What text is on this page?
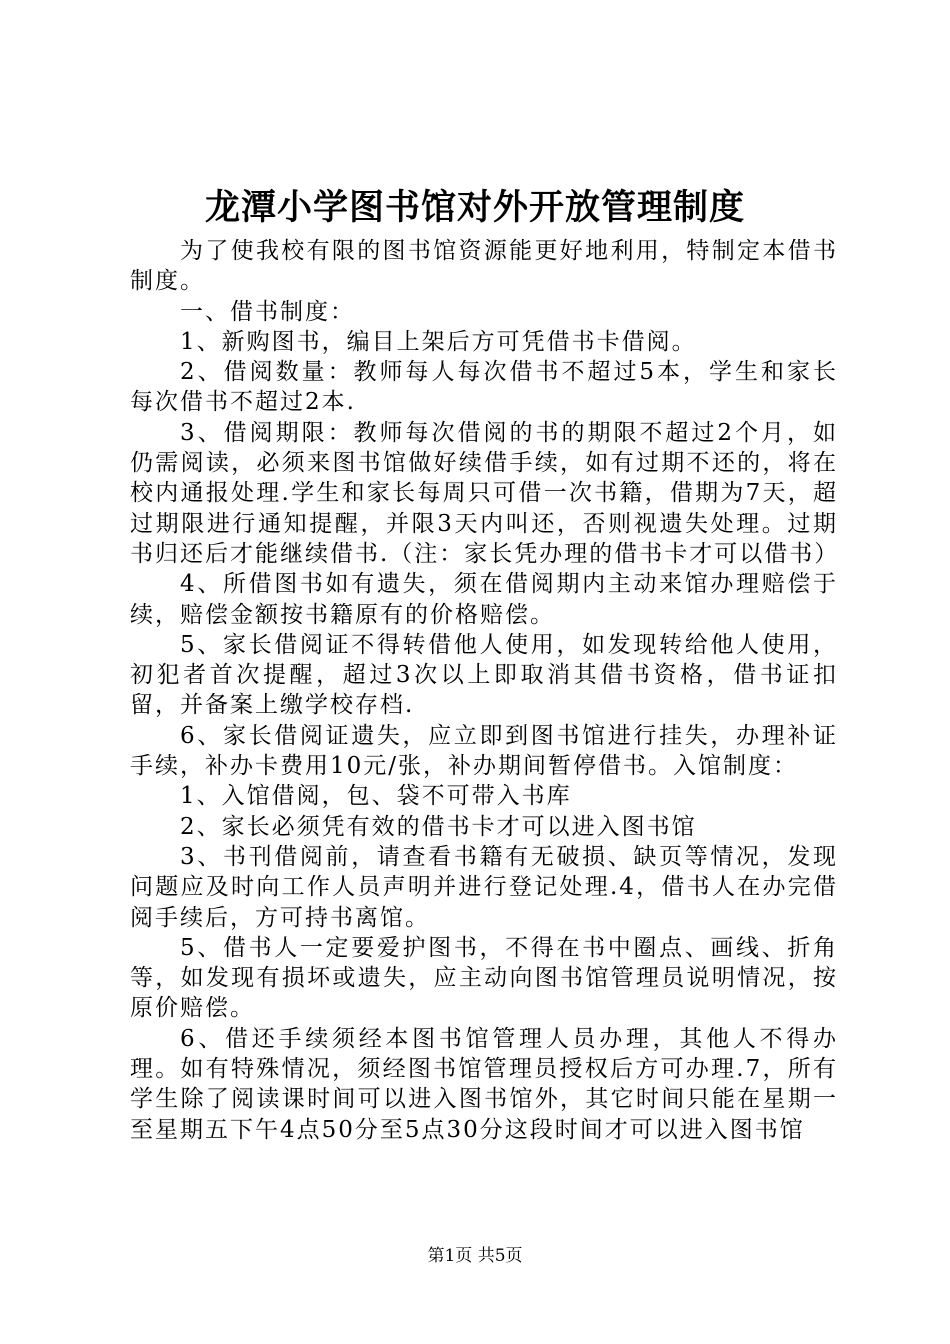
龙潭小学图书馆对外开放管理制度

为了使我校有限的图书馆资源能更好地利用，特制定本借书制度。

一、借书制度：

1、新购图书，编目上架后方可凭借书卡借阅。

2、借阅数量：教师每人每次借书不超过5本，学生和家长每次借书不超过2本.

3、借阅期限：教师每次借阅的书的期限不超过2个月，如仍需阅读，必须来图书馆做好续借手续，如有过期不还的，将在校内通报处理.学生和家长每周只可借一次书籍，借期为7天，超过期限进行通知提醒，并限3天内叫还，否则视遗失处理。过期书归还后才能继续借书.（注：家长凭办理的借书卡才可以借书）

4、所借图书如有遗失，须在借阅期内主动来馆办理赔偿于续，赔偿金额按书籍原有的价格赔偿。

5、家长借阅证不得转借他人使用，如发现转给他人使用，初犯者首次提醒，超过3次以上即取消其借书资格，借书证扣留，并备案上缴学校存档.

6、家长借阅证遗失，应立即到图书馆进行挂失，办理补证手续，补办卡费用10元/张，补办期间暂停借书。入馆制度：

1、入馆借阅，包、袋不可带入书库

2、家长必须凭有效的借书卡才可以进入图书馆

3、书刊借阅前，请查看书籍有无破损、缺页等情况，发现问题应及时向工作人员声明并进行登记处理.4，借书人在办完借阅手续后，方可持书离馆。

5、借书人一定要爱护图书，不得在书中圈点、画线、折角等，如发现有损坏或遗失，应主动向图书馆管理员说明情况，按原价赔偿。

6、借还手续须经本图书馆管理人员办理，其他人不得办理。如有特殊情况，须经图书馆管理员授权后方可办理.7，所有学生除了阅读课时间可以进入图书馆外，其它时间只能在星期一至星期五下午4点50分至5点30分这段时间才可以进入图书馆

第1页 共5页
